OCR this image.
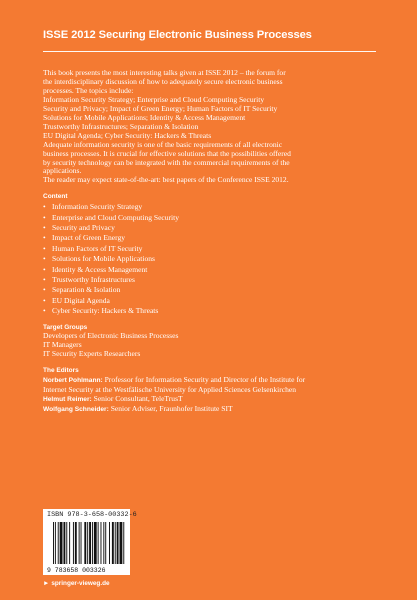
ISSE 2012 Securing Electronic Business Processes
This book presents the most interesting talks given at ISSE 2012 – the forum for
the interdisciplinary discussion of how to adequately secure electronic business
processes. The topics include:
Information Security Strategy; Enterprise and Cloud Computing Security
Security and Privacy; Impact of Green Energy; Human Factors of IT Security
Solutions for Mobile Applications; Identity & Access Management
Trustworthy Infrastructures; Separation & Isolation
EU Digital Agenda; Cyber Security: Hackers & Threats
Adequate information security is one of the basic requirements of all electronic
business processes. It is crucial for effective solutions that the possibilities offered
by security technology can be integrated with the commercial requirements of the
applications.
The reader may expect state-of-the-art: best papers of the Conference ISSE 2012.
Content
• Information Security Strategy
• Enterprise and Cloud Computing Security
• Security and Privacy
• Impact of Green Energy
• Human Factors of IT Security
• Solutions for Mobile Applications
• Identity & Access Management
• Trustworthy Infrastructures
• Separation & Isolation
• EU Digital Agenda
• Cyber Security: Hackers & Threats
Target Groups
Developers of Electronic Business Processes
IT Managers
IT Security Experts Researchers
The Editors
Norbert Pohlmann: Professor for Information Security and Director of the Institute for
Internet Security at the Westfälische University for Applied Sciences Gelsenkirchen
Helmut Reimer: Senior Consultant, TeleTrusT
Wolfgang Schneider: Senior Adviser, Fraunhofer Institute SIT
ISBN 978-3-658-00332-6
9 783658 003326
► springer-vieweg.de
